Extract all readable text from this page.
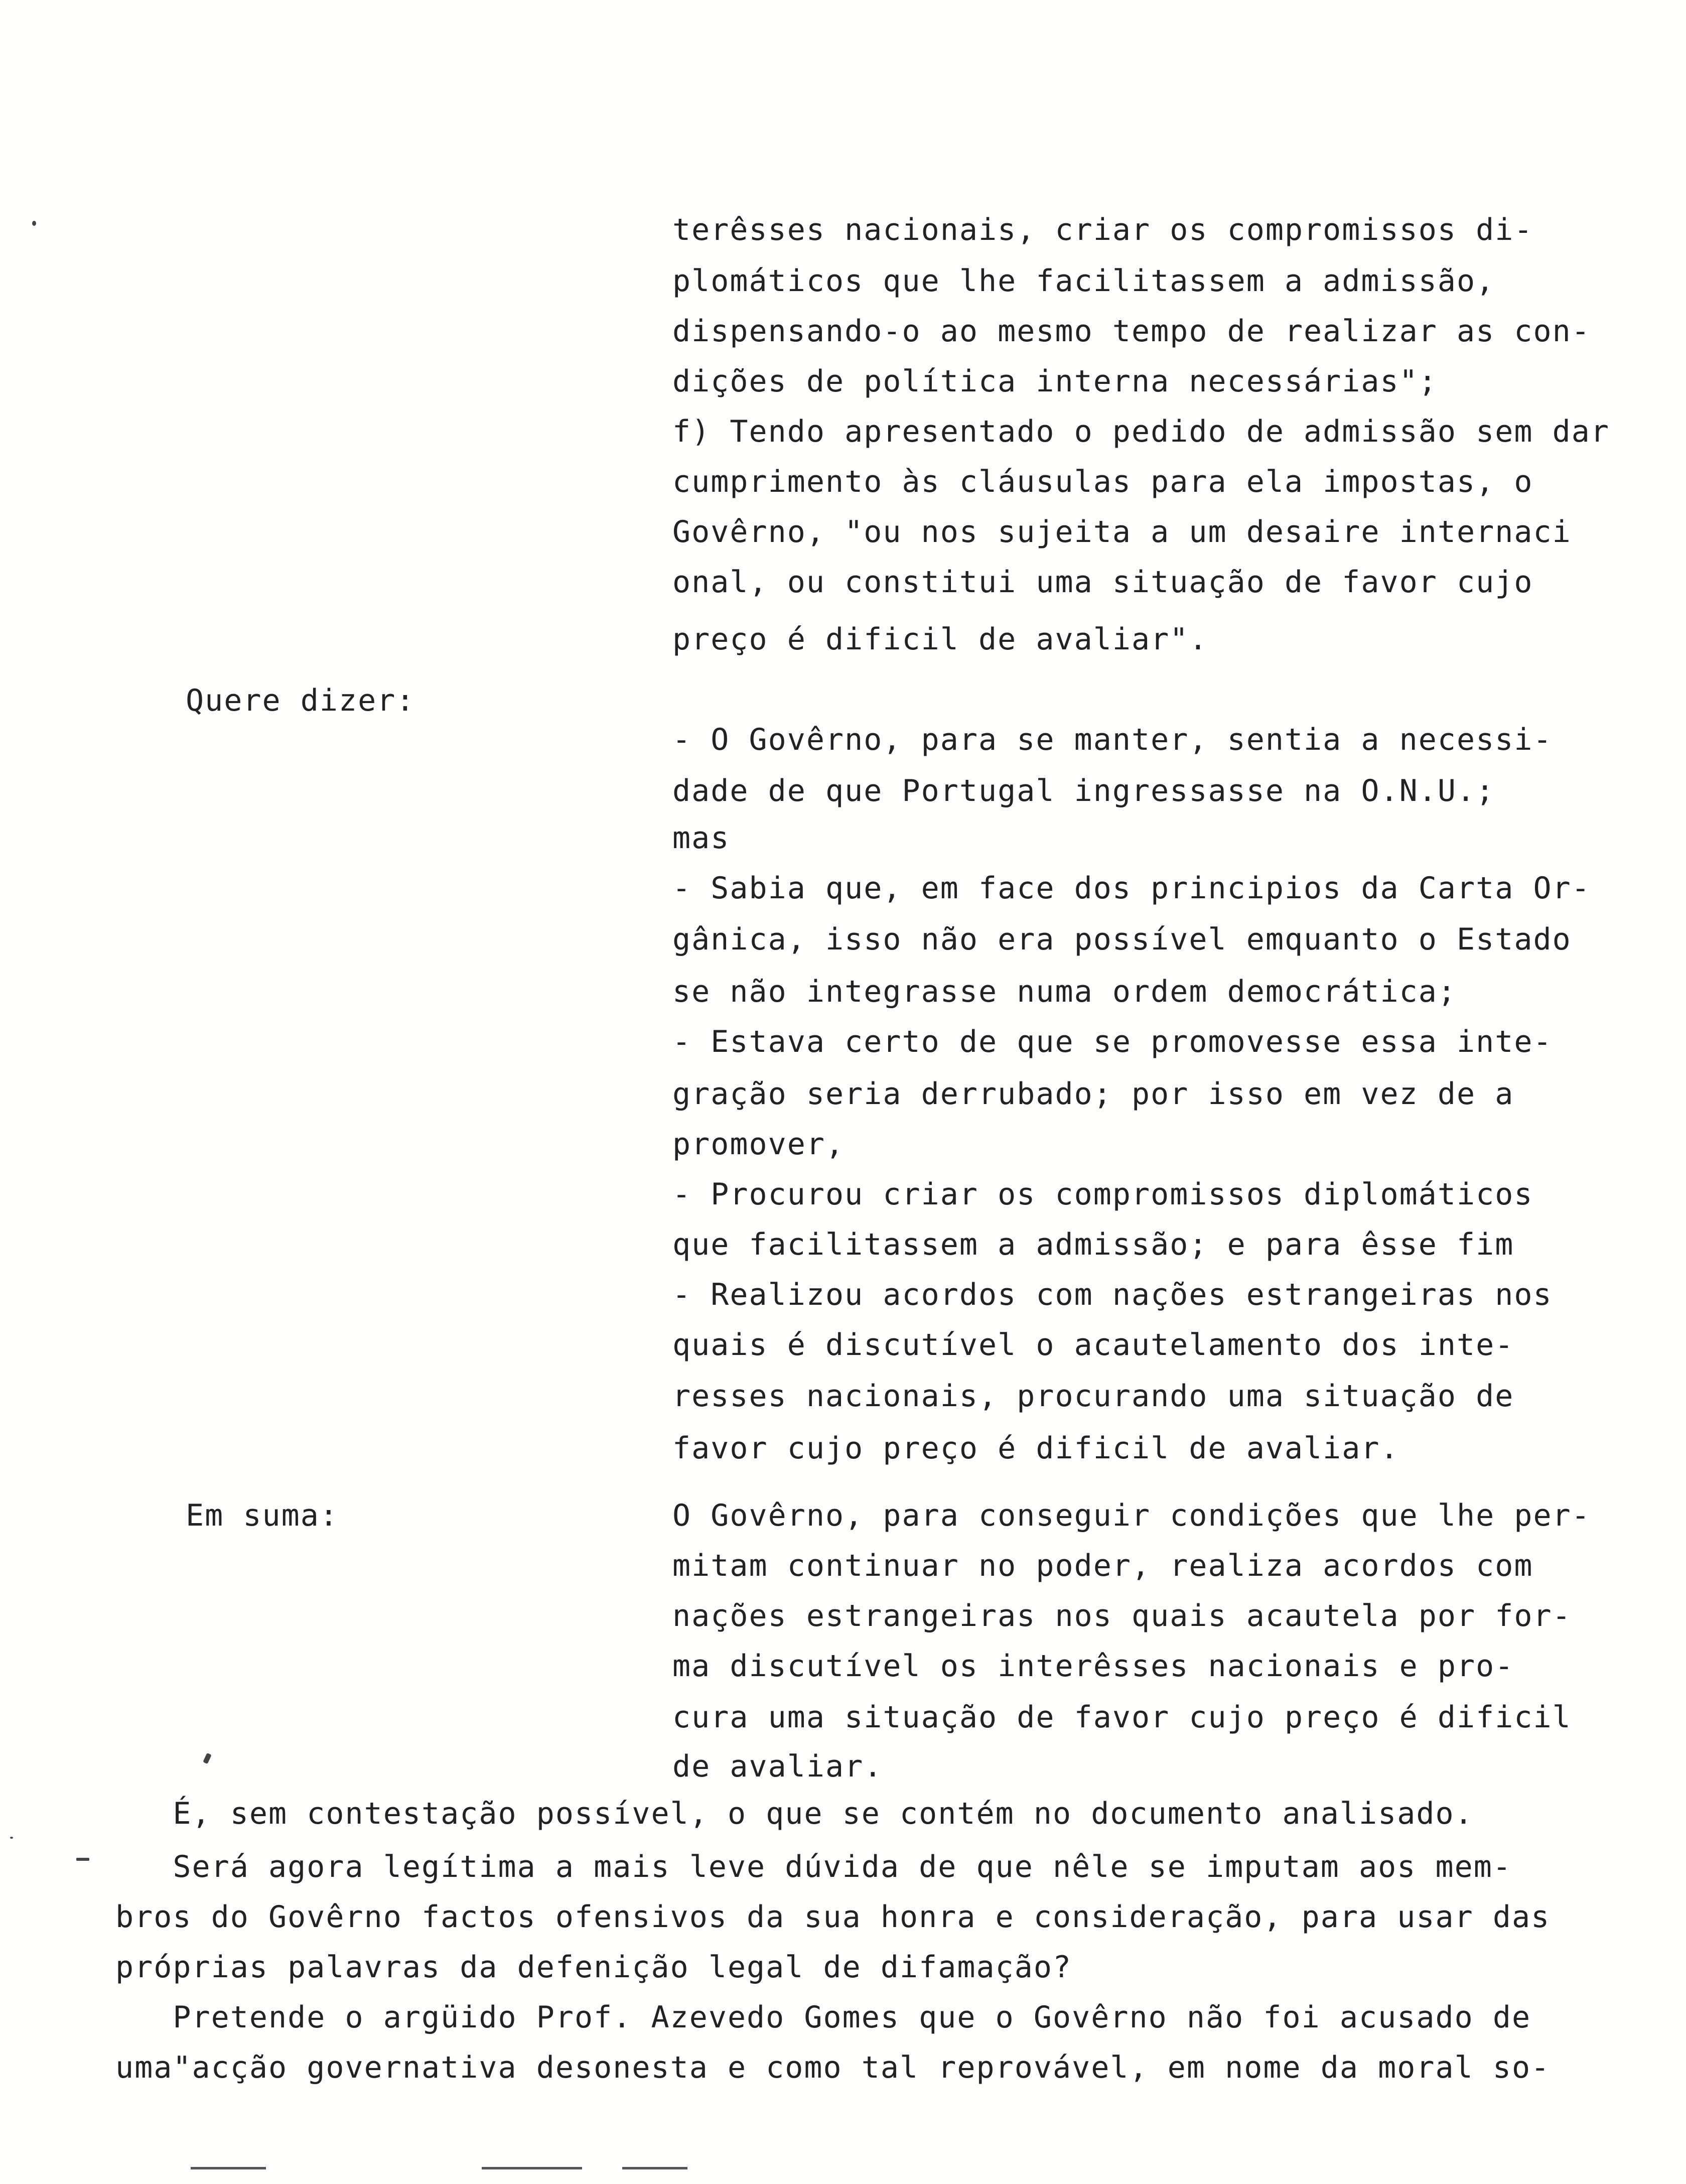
terêsses nacionais, criar os compromissos di-
plomáticos que lhe facilitassem a admissão,
dispensando-o ao mesmo tempo de realizar as con-
dições de política interna necessárias";
f) Tendo apresentado o pedido de admissão sem dar
cumprimento às cláusulas para ela impostas, o
Govêrno, "ou nos sujeita a um desaire internaci
onal, ou constitui uma situação de favor cujo
preço é dificil de avaliar".
Quere dizer:
- O Govêrno, para se manter, sentia a necessi-
dade de que Portugal ingressasse na O.N.U.;
mas
- Sabia que, em face dos principios da Carta Or-
gânica, isso não era possível emquanto o Estado
se não integrasse numa ordem democrática;
- Estava certo de que se promovesse essa inte-
gração seria derrubado; por isso em vez de a
promover,
- Procurou criar os compromissos diplomáticos
que facilitassem a admissão; e para êsse fim
- Realizou acordos com nações estrangeiras nos
quais é discutível o acautelamento dos inte-
resses nacionais, procurando uma situação de
favor cujo preço é dificil de avaliar.
Em suma:	O Govêrno, para conseguir condições que lhe per-
mitam continuar no poder, realiza acordos com
nações estrangeiras nos quais acautela por for-
ma discutível os interêsses nacionais e pro-
cura uma situação de favor cujo preço é dificil
de avaliar.
É, sem contestação possível, o que se contém no documento analisado.
Será agora legítima a mais leve dúvida de que nêle se imputam aos mem-
bros do Govêrno factos ofensivos da sua honra e consideração, para usar das
próprias palavras da defenição legal de difamação?
Pretende o argüido Prof. Azevedo Gomes que o Govêrno não foi acusado de
uma"acção governativa desonesta e como tal reprovável, em nome da moral so-
